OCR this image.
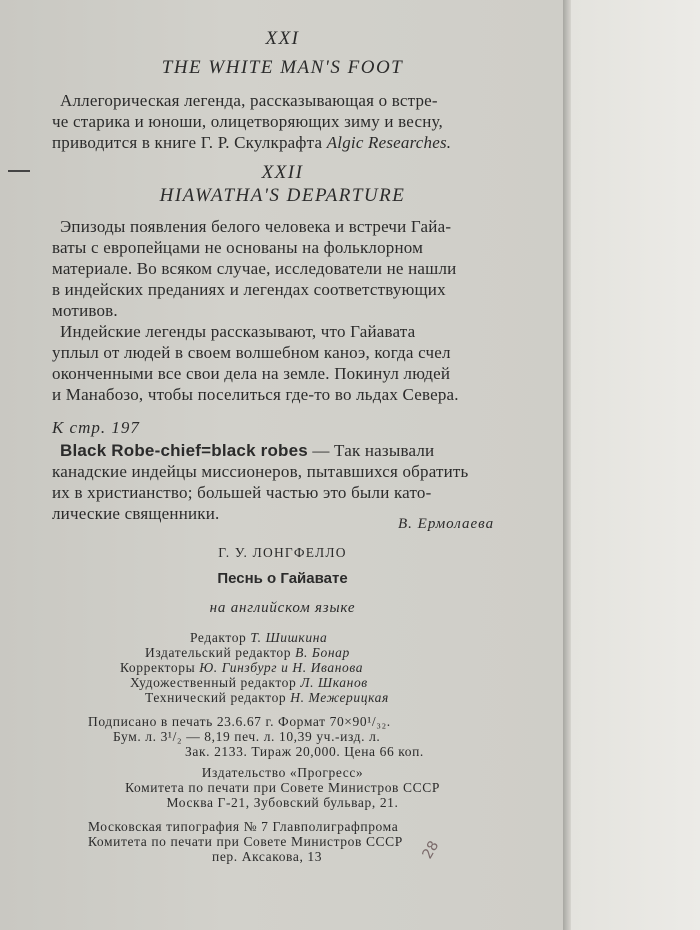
XXI
THE WHITE MAN'S FOOT
Аллегорическая легенда, рассказывающая о встре-
че старика и юноши, олицетворяющих зиму и весну,
приводится в книге Г. Р. Скулкрафта Algic Researches.
XXII
HIAWATHA'S DEPARTURE
Эпизоды появления белого человека и встречи Гайа-
ваты с европейцами не основаны на фольклорном
материале. Во всяком случае, исследователи не нашли
в индейских преданиях и легендах соответствующих
мотивов.
Индейские легенды рассказывают, что Гайавата
уплыл от людей в своем волшебном каноэ, когда счел
оконченными все свои дела на земле. Покинул людей
и Манабозо, чтобы поселиться где-то во льдах Севера.
К стр. 197
Black Robe-chief=black robes — Так называли
канадские индейцы миссионеров, пытавшихся обратить
их в христианство; большей частью это были като-
лические священники.
В. Ермолаева
Г. У. ЛОНГФЕЛЛО
Песнь о Гайавате
на английском языке
Редактор Т. Шишкина
Издательский редактор В. Бонар
Корректоры Ю. Гинзбург и Н. Иванова
Художественный редактор Л. Шканов
Технический редактор Н. Межерицкая
Подписано в печать 23.6.67 г. Формат 70×90¹/₃₂.
Бум. л. 3¹/₂ — 8,19 печ. л. 10,39 уч.-изд. л.
Зак. 2133. Тираж 20,000. Цена 66 коп.
Издательство «Прогресс»
Комитета по печати при Совете Министров СССР
Москва Г-21, Зубовский бульвар, 21.
Московская типография № 7 Главполиграфпрома
Комитета по печати при Совете Министров СССР
пер. Аксакова, 13	28
